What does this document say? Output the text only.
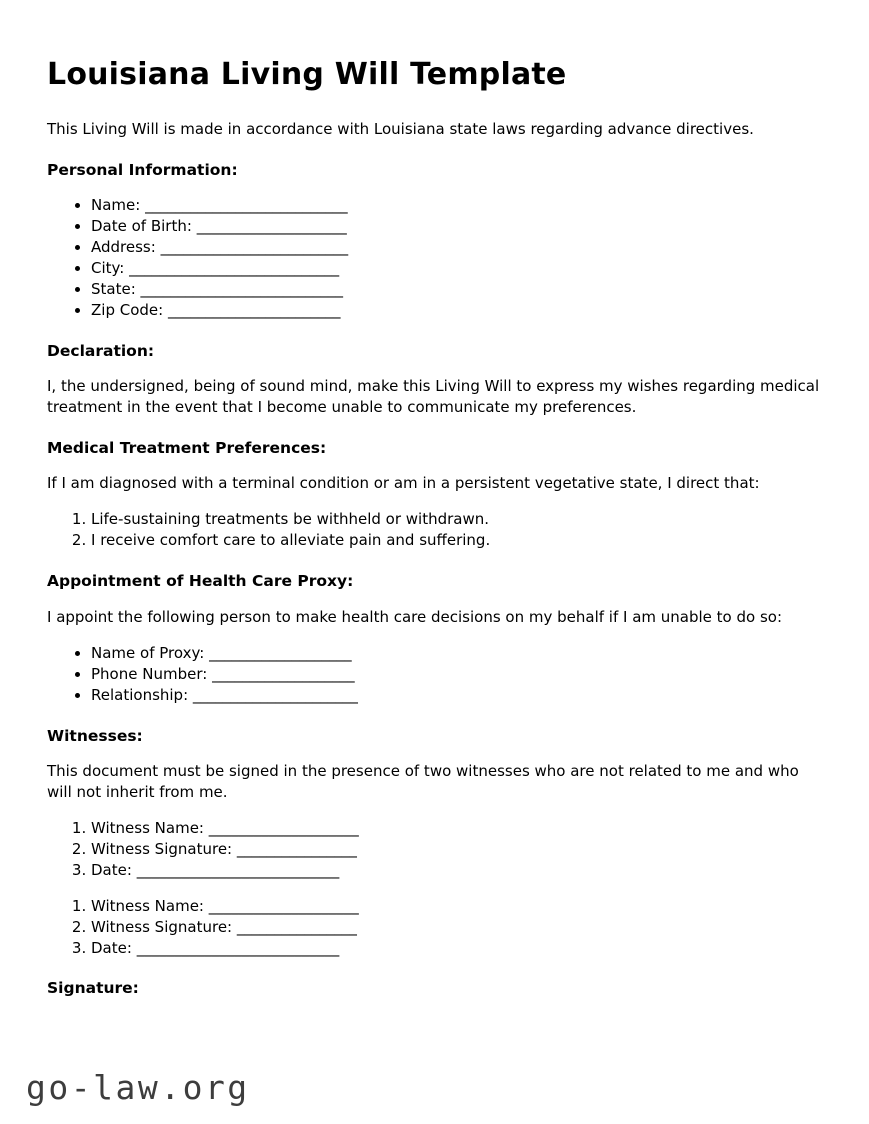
Louisiana Living Will Template

This Living Will is made in accordance with Louisiana state laws regarding advance directives.

Personal Information:
• Name: ___________________________
• Date of Birth: ____________________
• Address: _________________________
• City: ____________________________
• State: ___________________________
• Zip Code: _______________________
Declaration:

I, the undersigned, being of sound mind, make this Living Will to express my wishes regarding medical treatment in the event that I become unable to communicate my preferences.

Medical Treatment Preferences:

If I am diagnosed with a terminal condition or am in a persistent vegetative state, I direct that:

1. Life-sustaining treatments be withheld or withdrawn.
2. I receive comfort care to alleviate pain and suffering.
Appointment of Health Care Proxy:

I appoint the following person to make health care decisions on my behalf if I am unable to do so:

• Name of Proxy: ___________________
• Phone Number: ___________________
• Relationship: ______________________
Witnesses:

This document must be signed in the presence of two witnesses who are not related to me and who will not inherit from me.

1. Witness Name: ____________________
2. Witness Signature: ________________
3. Date: ___________________________
1. Witness Name: ____________________
2. Witness Signature: ________________
3. Date: ___________________________
Signature:
go-law.org
